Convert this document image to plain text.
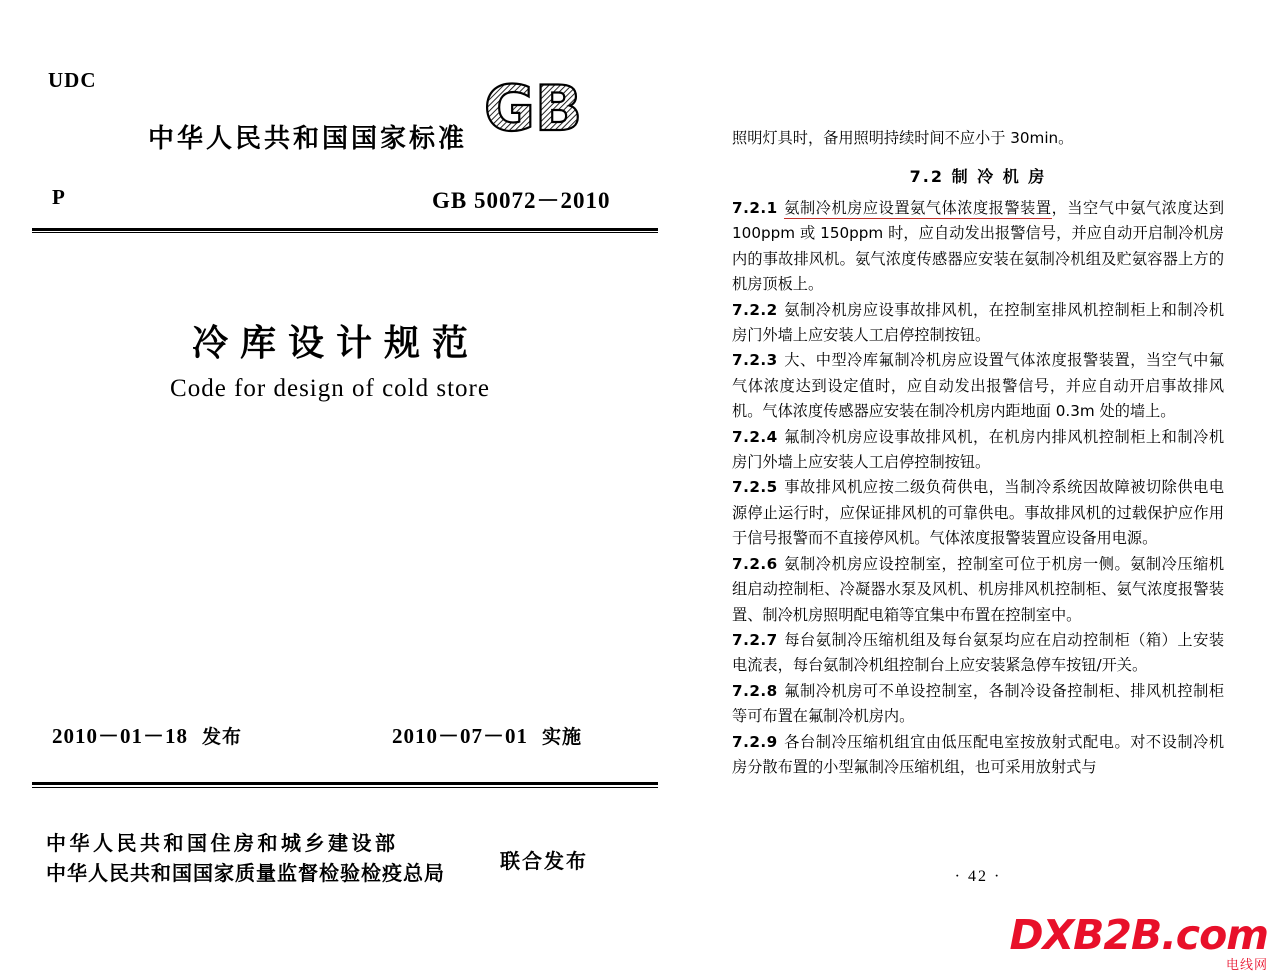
UDC
中华人民共和国国家标准 GB
P	GB 50072－2010
冷库设计规范
Code for design of cold store
2010－01－18 发布	2010－07－01 实施
中华人民共和国住房和城乡建设部
中华人民共和国国家质量监督检验检疫总局	联合发布

照明灯具时，备用照明持续时间不应小于 30min。

7.2 制 冷 机 房

7.2.1 氨制冷机房应设置氨气体浓度报警装置，当空气中氨气浓度达到 100ppm 或 150ppm 时，应自动发出报警信号，并应自动开启制冷机房内的事故排风机。氨气浓度传感器应安装在氨制冷机组及贮氨容器上方的机房顶板上。

7.2.2 氨制冷机房应设事故排风机，在控制室排风机控制柜上和制冷机房门外墙上应安装人工启停控制按钮。

7.2.3 大、中型冷库氟制冷机房应设置气体浓度报警装置，当空气中氟气体浓度达到设定值时，应自动发出报警信号，并应自动开启事故排风机。气体浓度传感器应安装在制冷机房内距地面 0.3m 处的墙上。

7.2.4 氟制冷机房应设事故排风机，在机房内排风机控制柜上和制冷机房门外墙上应安装人工启停控制按钮。

7.2.5 事故排风机应按二级负荷供电，当制冷系统因故障被切除供电电源停止运行时，应保证排风机的可靠供电。事故排风机的过载保护应作用于信号报警而不直接停风机。气体浓度报警装置应设备用电源。

7.2.6 氨制冷机房应设控制室，控制室可位于机房一侧。氨制冷压缩机组启动控制柜、冷凝器水泵及风机、机房排风机控制柜、氨气浓度报警装置、制冷机房照明配电箱等宜集中布置在控制室中。

7.2.7 每台氨制冷压缩机组及每台氨泵均应在启动控制柜（箱）上安装电流表，每台氨制冷机组控制台上应安装紧急停车按钮/开关。

7.2.8 氟制冷机房可不单设控制室，各制冷设备控制柜、排风机控制柜等可布置在氟制冷机房内。

7.2.9 各台制冷压缩机组宜由低压配电室按放射式配电。对不设制冷机房分散布置的小型氟制冷压缩机组，也可采用放射式与

· 42 ·
DXB2B.com
电线网
